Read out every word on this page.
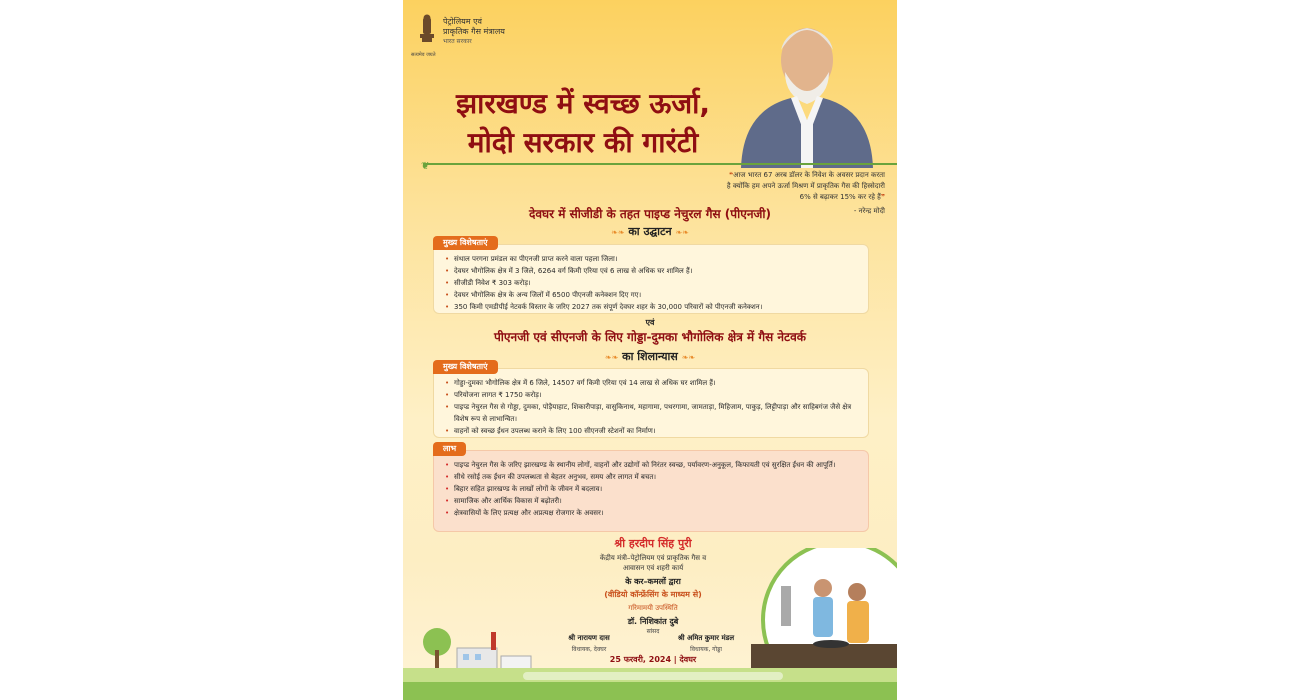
पेट्रोलियम एवं
प्राकृतिक गैस मंत्रालय
भारत सरकार
सत्यमेव जयते
झारखण्ड में स्वच्छ ऊर्जा,
मोदी सरकार की गारंटी
❦
❝आज भारत 67 अरब डॉलर के निवेश के अवसर प्रदान करता है क्योंकि हम अपने ऊर्जा मिश्रण में प्राकृतिक गैस की हिस्सेदारी 6% से बढ़ाकर 15% कर रहे हैं❞
- नरेन्द्र मोदी
देवघर में सीजीडी के तहत पाइप्ड नेचुरल गैस (पीएनजी)
❧❧ का उद्घाटन ❧❧
• संथाल परगना प्रमंडल का पीएनजी प्राप्त करने वाला पहला जिला।
• देवघर भौगोलिक क्षेत्र में 3 जिले, 6264 वर्ग किमी एरिया एवं 6 लाख से अधिक घर शामिल हैं।
• सीजीडी निवेश ₹ 303 करोड़।
• देवघर भौगोलिक क्षेत्र के अन्य जिलों में 6500 पीएनजी कनेक्शन दिए गए।
• 350 किमी एमडीपीई नेटवर्क विस्तार के जरिए 2027 तक संपूर्ण देवघर शहर के 30,000 परिवारों को पीएनजी कनेक्शन।
मुख्य विशेषताएं
एवं
पीएनजी एवं सीएनजी के लिए गोड्डा-दुमका भौगोलिक क्षेत्र में गैस नेटवर्क
❧❧ का शिलान्यास ❧❧
• गोड्डा-दुमका भौगोलिक क्षेत्र में 6 जिले, 14507 वर्ग किमी एरिया एवं 14 लाख से अधिक घर शामिल हैं।
• परियोजना लागत ₹ 1750 करोड़।
• पाइप्ड नेचुरल गैस से गोड्डा, दुमका, पोड़ैयाहाट, शिकारीपाड़ा, वासुकिनाथ, महागामा, पथरगामा, जामताड़ा, मिहिजाम, पाकुड़, लिट्टीपाड़ा और साहिबगंज जैसे क्षेत्र विशेष रूप से लाभान्वित।
• वाहनों को स्वच्छ ईंधन उपलब्ध कराने के लिए 100 सीएनजी स्टेशनों का निर्माण।
मुख्य विशेषताएं
• पाइप्ड नेचुरल गैस के जरिए झारखण्ड के स्थानीय लोगों, वाहनों और उद्योगों को निरंतर स्वच्छ, पर्यावरण-अनुकूल, किफायती एवं सुरक्षित ईंधन की आपूर्ति।
• सीधे रसोई तक ईंधन की उपलब्धता से बेहतर अनुभव, समय और लागत में बचत।
• बिहार सहित झारखण्ड के लाखों लोगों के जीवन में बदलाव।
• सामाजिक और आर्थिक विकास में बढ़ोतरी।
• क्षेत्रवासियों के लिए प्रत्यक्ष और अप्रत्यक्ष रोजगार के अवसर।
लाभ
श्री हरदीप सिंह पुरी
केंद्रीय मंत्री–पेट्रोलियम एवं प्राकृतिक गैस व
आवासन एवं शहरी कार्य
के कर–कमलों द्वारा
(वीडियो कॉन्फ्रेंसिंग के माध्यम से)
गरिमामयी उपस्थिति
डॉ. निशिकांत दुबे
सांसद
श्री नारायण दास
विधायक, देवघर
श्री अमित कुमार मंडल
विधायक, गोड्डा
25 फरवरी, 2024 | देवघर
